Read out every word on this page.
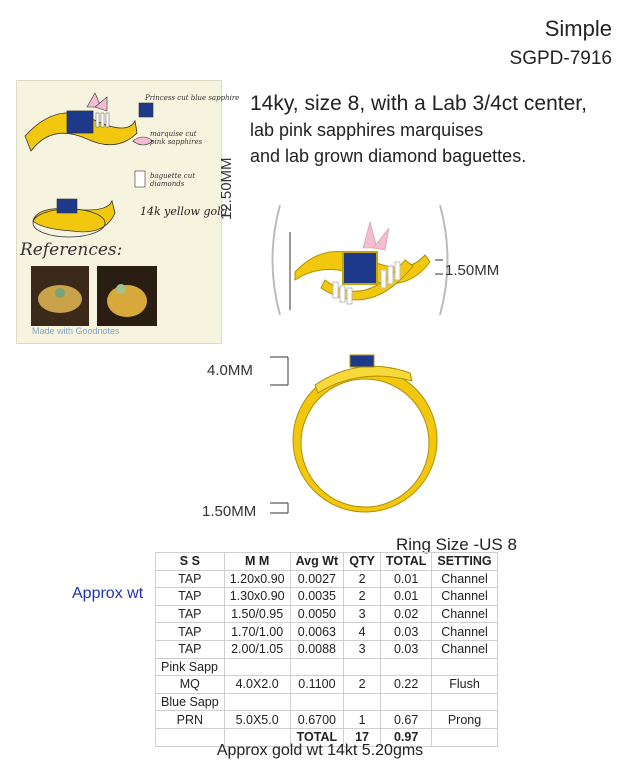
Simple
SGPD-7916
14ky, size 8, with a Lab 3/4ct center,
lab pink sapphires marquises
and lab grown diamond baguettes.
Princess cut blue sapphire
marquise cut pink sapphires
baguette cut diamonds
14k yellow gold
References:
Made with Goodnotes
12.50MM
1.50MM
4.0MM
1.50MM
Ring Size -US 8
Approx wt
S S	M M	Avg Wt	QTY	TOTAL	SETTING
TAP	1.20x0.90	0.0027	2	0.01	Channel
TAP	1.30x0.90	0.0035	2	0.01	Channel
TAP	1.50/0.95	0.0050	3	0.02	Channel
TAP	1.70/1.00	0.0063	4	0.03	Channel
TAP	2.00/1.05	0.0088	3	0.03	Channel
Pink Sapp					
MQ	4.0X2.0	0.1100	2	0.22	Flush
Blue Sapp					
PRN	5.0X5.0	0.6700	1	0.67	Prong
		TOTAL	17	0.97	
Approx gold wt 14kt 5.20gms
